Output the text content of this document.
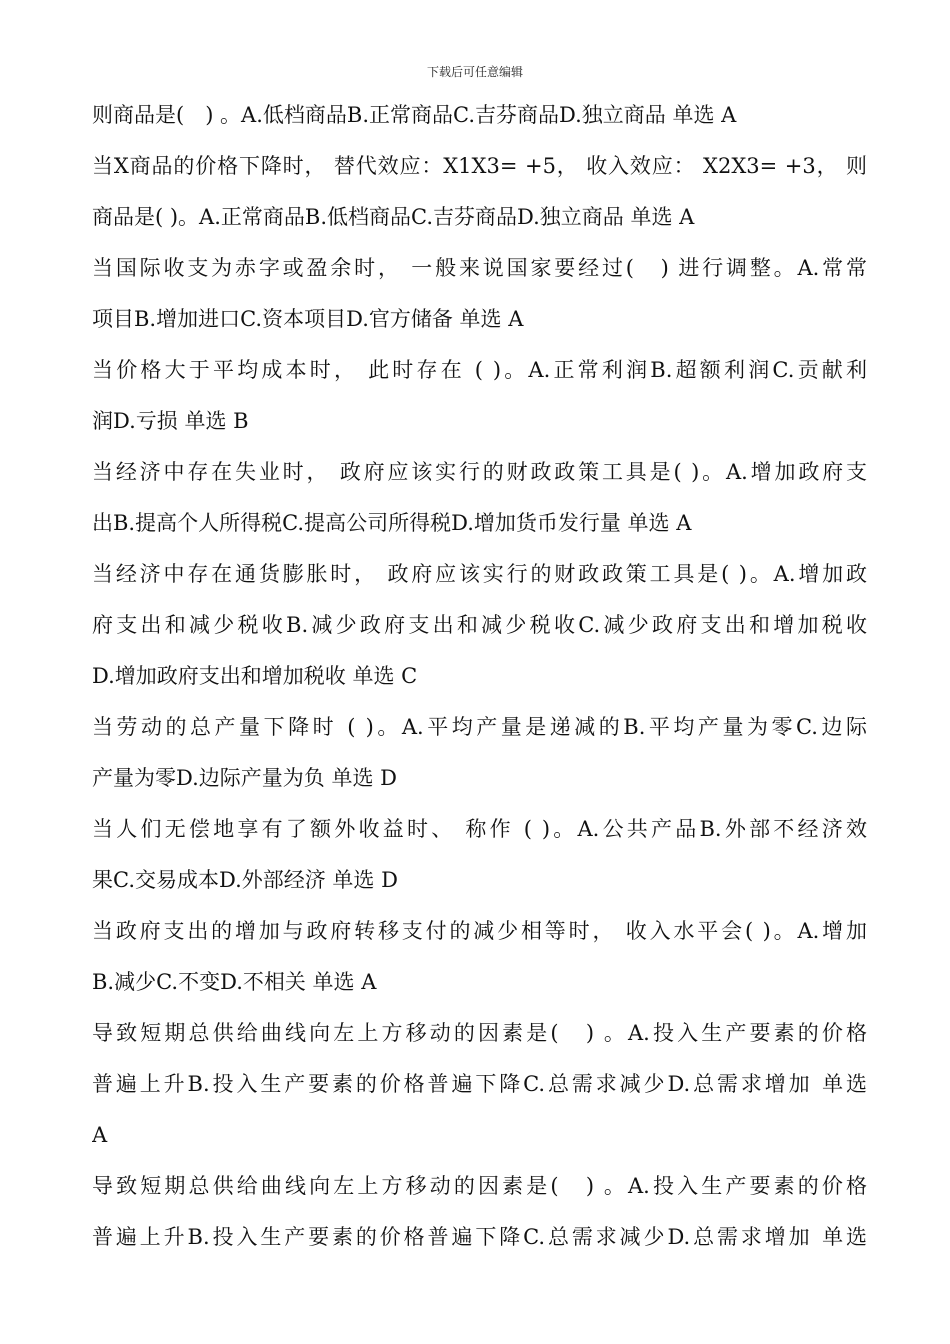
下载后可任意编辑
则商品是(　) 。A.低档商品B.正常商品C.吉芬商品D.独立商品 单选 A
当X商品的价格下降时， 替代效应：X1X3= +5， 收入效应： X2X3= +3， 则
商品是( )。A.正常商品B.低档商品C.吉芬商品D.独立商品 单选 A
当国际收支为赤字或盈余时， 一般来说国家要经过(　) 进行调整。A.常常
项目B.增加进口C.资本项目D.官方储备 单选 A
当价格大于平均成本时， 此时存在 ( )。A.正常利润B.超额利润C.贡献利
润D.亏损 单选 B
当经济中存在失业时， 政府应该实行的财政政策工具是( )。A.增加政府支
出B.提高个人所得税C.提高公司所得税D.增加货币发行量 单选 A
当经济中存在通货膨胀时， 政府应该实行的财政政策工具是( )。A.增加政
府支出和减少税收B.减少政府支出和减少税收C.减少政府支出和增加税收
D.增加政府支出和增加税收 单选 C
当劳动的总产量下降时 ( )。A.平均产量是递减的B.平均产量为零C.边际
产量为零D.边际产量为负 单选 D
当人们无偿地享有了额外收益时、 称作 ( )。A.公共产品B.外部不经济效
果C.交易成本D.外部经济 单选 D
当政府支出的增加与政府转移支付的减少相等时， 收入水平会( )。A.增加
B.减少C.不变D.不相关 单选 A
导致短期总供给曲线向左上方移动的因素是(　) 。A.投入生产要素的价格
普遍上升B.投入生产要素的价格普遍下降C.总需求减少D.总需求增加 单选
A
导致短期总供给曲线向左上方移动的因素是(　) 。A.投入生产要素的价格
普遍上升B.投入生产要素的价格普遍下降C.总需求减少D.总需求增加 单选
